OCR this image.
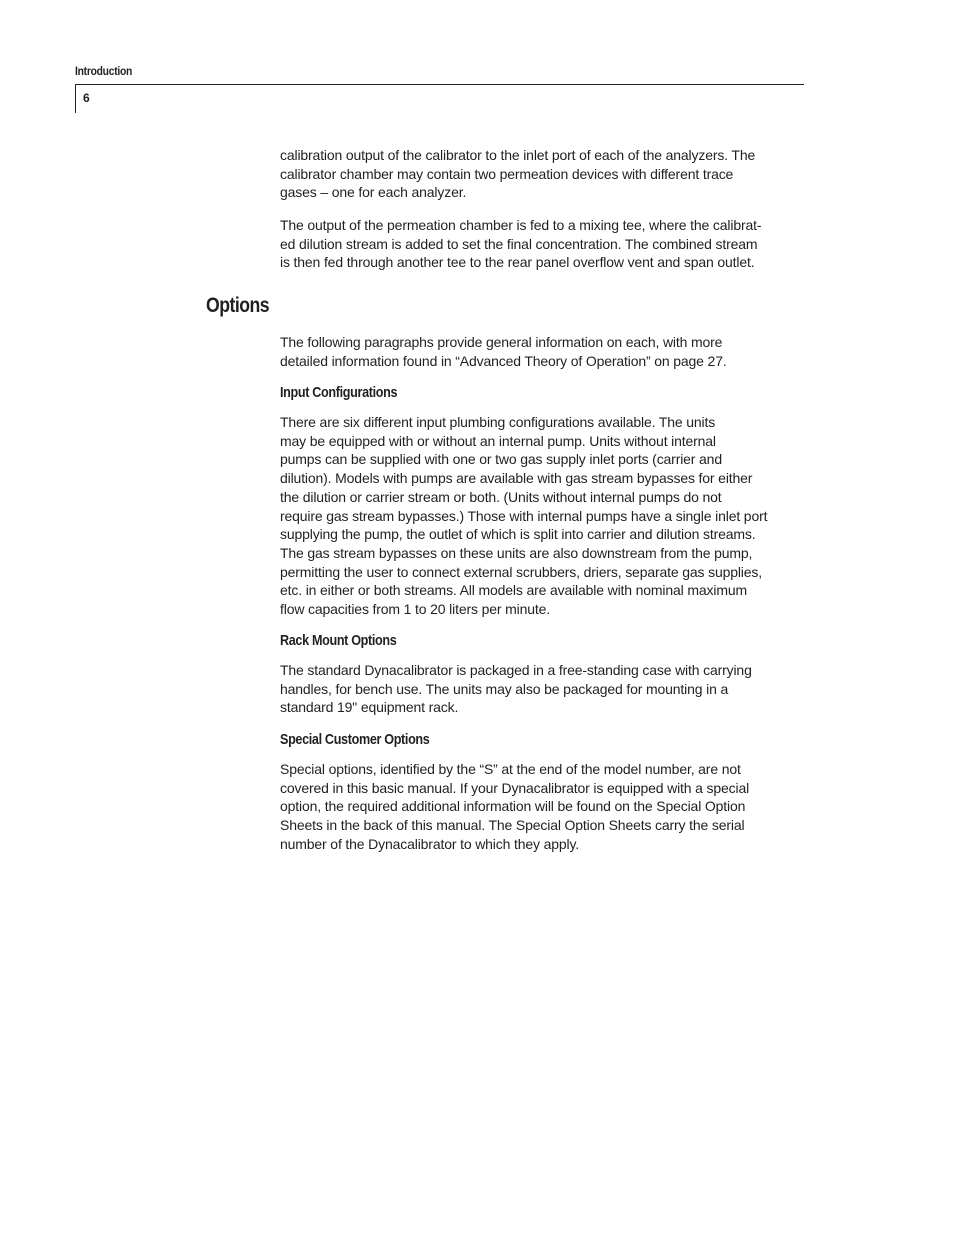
Introduction
6

calibration output of the calibrator to the inlet port of each of the analyzers. The
calibrator chamber may contain two permeation devices with different trace
gases – one for each analyzer.

The output of the permeation chamber is fed to a mixing tee, where the calibrat-
ed dilution stream is added to set the final concentration. The combined stream
is then fed through another tee to the rear panel overflow vent and span outlet.

Options

The following paragraphs provide general information on each, with more
detailed information found in “Advanced Theory of Operation” on page 27.

Input Configurations

There are six different input plumbing configurations available. The units
may be equipped with or without an internal pump. Units without internal
pumps can be supplied with one or two gas supply inlet ports (carrier and
dilution). Models with pumps are available with gas stream bypasses for either
the dilution or carrier stream or both. (Units without internal pumps do not
require gas stream bypasses.) Those with internal pumps have a single inlet port
supplying the pump, the outlet of which is split into carrier and dilution streams.
The gas stream bypasses on these units are also downstream from the pump,
permitting the user to connect external scrubbers, driers, separate gas supplies,
etc. in either or both streams. All models are available with nominal maximum
flow capacities from 1 to 20 liters per minute.

Rack Mount Options

The standard Dynacalibrator is packaged in a free-standing case with carrying
handles, for bench use. The units may also be packaged for mounting in a
standard 19" equipment rack.

Special Customer Options

Special options, identified by the “S” at the end of the model number, are not
covered in this basic manual. If your Dynacalibrator is equipped with a special
option, the required additional information will be found on the Special Option
Sheets in the back of this manual. The Special Option Sheets carry the serial
number of the Dynacalibrator to which they apply.
